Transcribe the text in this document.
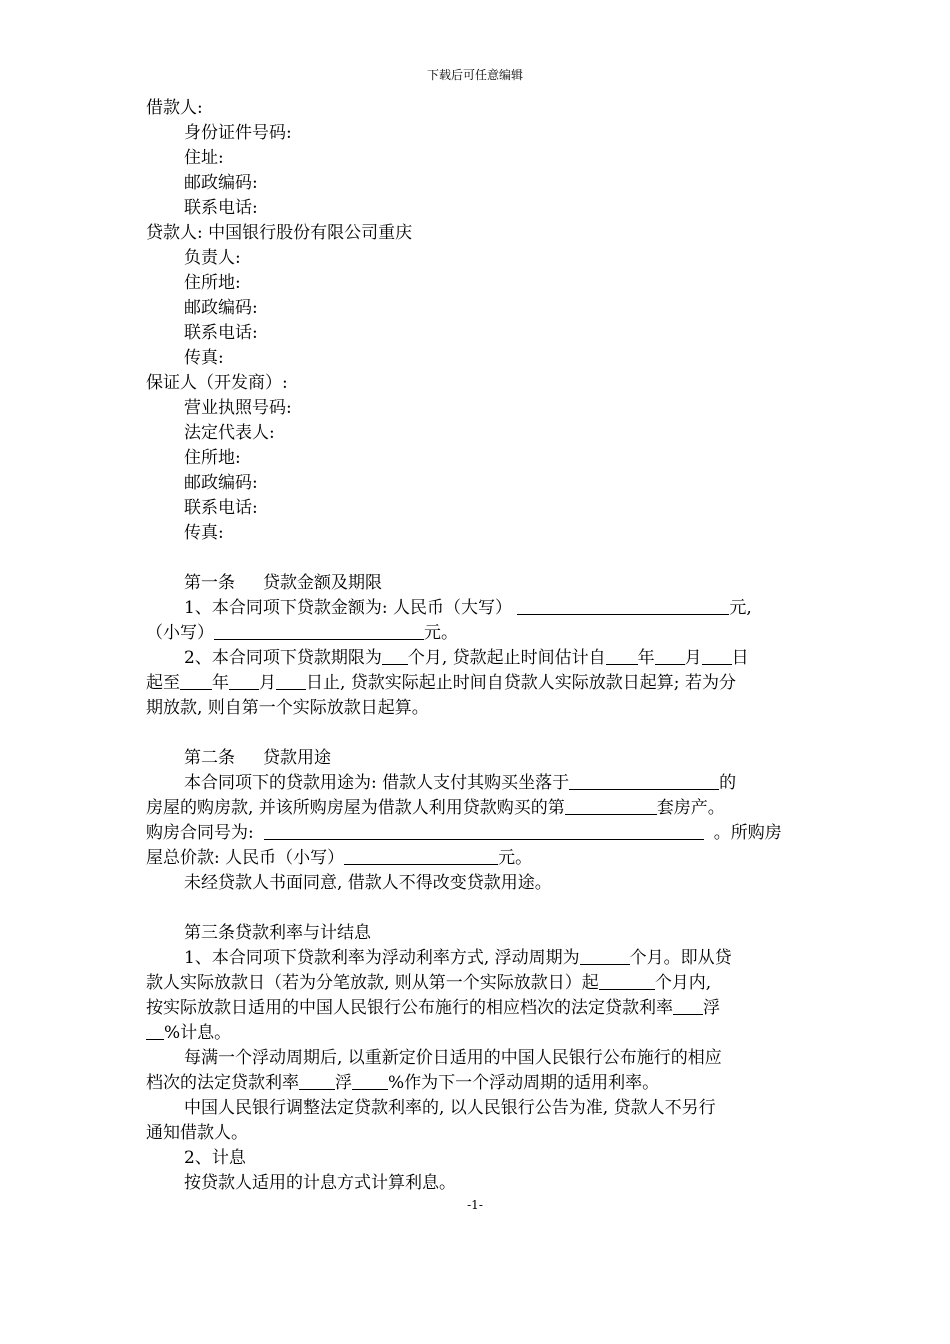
下载后可任意编辑
借款人:
身份证件号码:
住址:
邮政编码:
联系电话:
贷款人: 中国银行股份有限公司重庆
负责人:
住所地:
邮政编码:
联系电话:
传真:
保证人（开发商）:
营业执照号码:
法定代表人:
住所地:
邮政编码:
联系电话:
传真:
第一条 贷款金额及期限
1、本合同项下贷款金额为: 人民币（大写）	元,
（小写）	元。
2、本合同项下贷款期限为 个月, 贷款起止时间估计自 年 月 日
起至 年 月 日止, 贷款实际起止时间自贷款人实际放款日起算; 若为分
期放款, 则自第一个实际放款日起算。
第二条 贷款用途
本合同项下的贷款用途为: 借款人支付其购买坐落于	的
房屋的购房款, 并该所购房屋为借款人利用贷款购买的第	套房产。
购房合同号为:	。所购房
屋总价款: 人民币（小写）	元。
未经贷款人书面同意, 借款人不得改变贷款用途。
第三条贷款利率与计结息
1、本合同项下贷款利率为浮动利率方式, 浮动周期为	个月。即从贷
款人实际放款日（若为分笔放款, 则从第一个实际放款日）起	个月内,
按实际放款日适用的中国人民银行公布施行的相应档次的法定贷款利率 浮
%计息。
每满一个浮动周期后, 以重新定价日适用的中国人民银行公布施行的相应
档次的法定贷款利率 浮 %作为下一个浮动周期的适用利率。
中国人民银行调整法定贷款利率的, 以人民银行公告为准, 贷款人不另行
通知借款人。
2、计息
按贷款人适用的计息方式计算利息。
-1-
